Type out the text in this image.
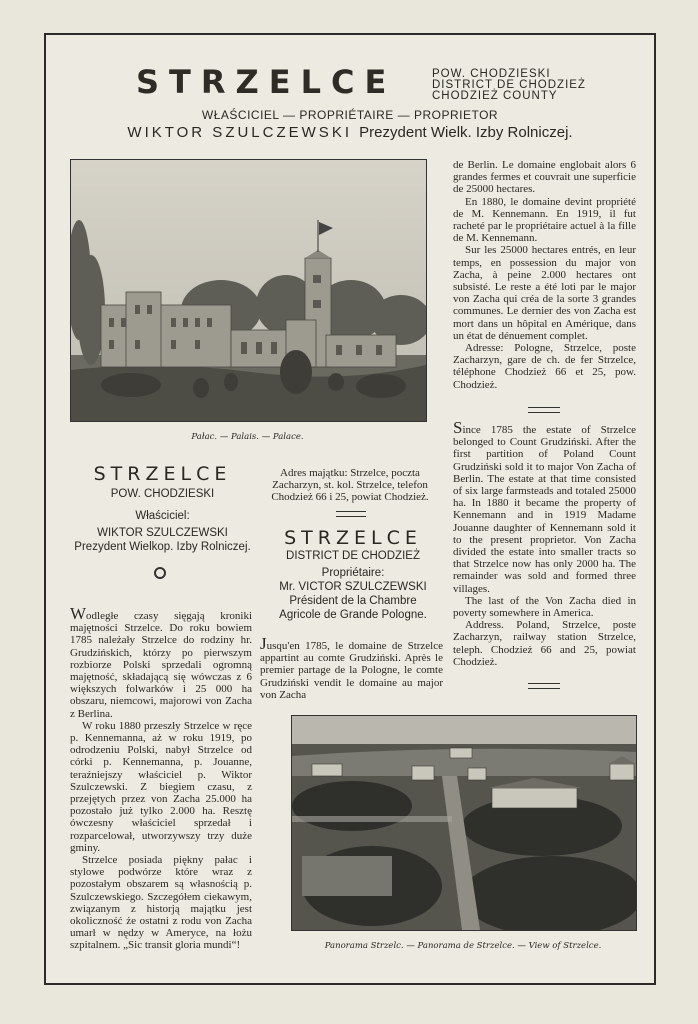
STRZELCE	POW. CHODZIESKI
DISTRICT DE CHODZIEŻ
CHODZIEŻ COUNTY
WŁAŚCICIEL — PROPRIÉTAIRE — PROPRIETOR
WIKTOR SZULCZEWSKI Prezydent Wielk. Izby Rolniczej.
Pałac. — Palais. — Palace.
STRZELCE
POW. CHODZIESKI
Właściciel:
WIKTOR SZULCZEWSKI
Prezydent Wielkop. Izby Rolniczej.

Wodległe czasy sięgają kroniki majętności Strzelce. Do roku bowiem 1785 należały Strzelce do rodziny hr. Grudzińskich, którzy po pierwszym rozbiorze Polski sprzedali ogromną majętność, składającą się wówczas z 6 większych folwarków i 25 000 ha obszaru, niemcowi, majorowi von Zacha z Berlina.

W roku 1880 przeszły Strzelce w ręce p. Kennemanna, aż w roku 1919, po odrodzeniu Polski, nabył Strzelce od córki p. Kennemanna, p. Jouanne, teraźniejszy właściciel p. Wiktor Szulczewski. Z biegiem czasu, z przejętych przez von Zacha 25.000 ha pozostało już tylko 2.000 ha. Resztę ówczesny właściciel sprzedał i rozparcelował, utworzywszy trzy duże gminy.

Strzelce posiada piękny pałac i stylowe podwórze które wraz z pozostałym obszarem są własnością p. Szulczewskiego. Szczegółem ciekawym, związanym z historją majątku jest okoliczność że ostatni z rodu von Zacha umarł w nędzy w Ameryce, na łożu szpitalnem. „Sic transit gloria mundi“!

Adres majątku: Strzelce, poczta Zacharzyn, st. kol. Strzelce, telefon Chodzież 66 i 25, powiat Chodzież.

STRZELCE
DISTRICT DE CHODZIEŻ
Propriétaire:
Mr. VICTOR SZULCZEWSKI
Président de la Chambre
Agricole de Grande Pologne.

Jusqu'en 1785, le domaine de Strzelce appartint au comte Grudziński. Après le premier partage de la Pologne, le comte Grudziński vendit le domaine au major von Zacha

de Berlin. Le domaine englobait alors 6 grandes fermes et couvrait une superficie de 25000 hectares.

En 1880, le domaine devint propriété de M. Kennemann. En 1919, il fut racheté par le propriétaire actuel à la fille de M. Kennemann.

Sur les 25000 hectares entrés, en leur temps, en possession du major von Zacha, à peine 2.000 hectares ont subsisté. Le reste a été loti par le major von Zacha qui créa de la sorte 3 grandes communes. Le dernier des von Zacha est mort dans un hôpital en Amérique, dans un état de dénuement complet.

Adresse: Pologne, Strzelce, poste Zacharzyn, gare de ch. de fer Strzelce, téléphone Chodzież 66 et 25, pow. Chodzież.

Since 1785 the estate of Strzelce belonged to Count Grudziński. After the first partition of Poland Count Grudziński sold it to major Von Zacha of Berlin. The estate at that time consisted of six large farmsteads and totaled 25000 ha. In 1880 it became the property of Kennemann and in 1919 Madame Jouanne daughter of Kennemann sold it to the present proprietor. Von Zacha divided the estate into smaller tracts so that Strzelce now has only 2000 ha. The remainder was sold and formed three villages.

The last of the Von Zacha died in poverty somewhere in America.

Address. Poland, Strzelce, poste Zacharzyn, railway station Strzelce, teleph. Chodzież 66 and 25, powiat Chodzież.

Panorama Strzelc. — Panorama de Strzelce. — View of Strzelce.
